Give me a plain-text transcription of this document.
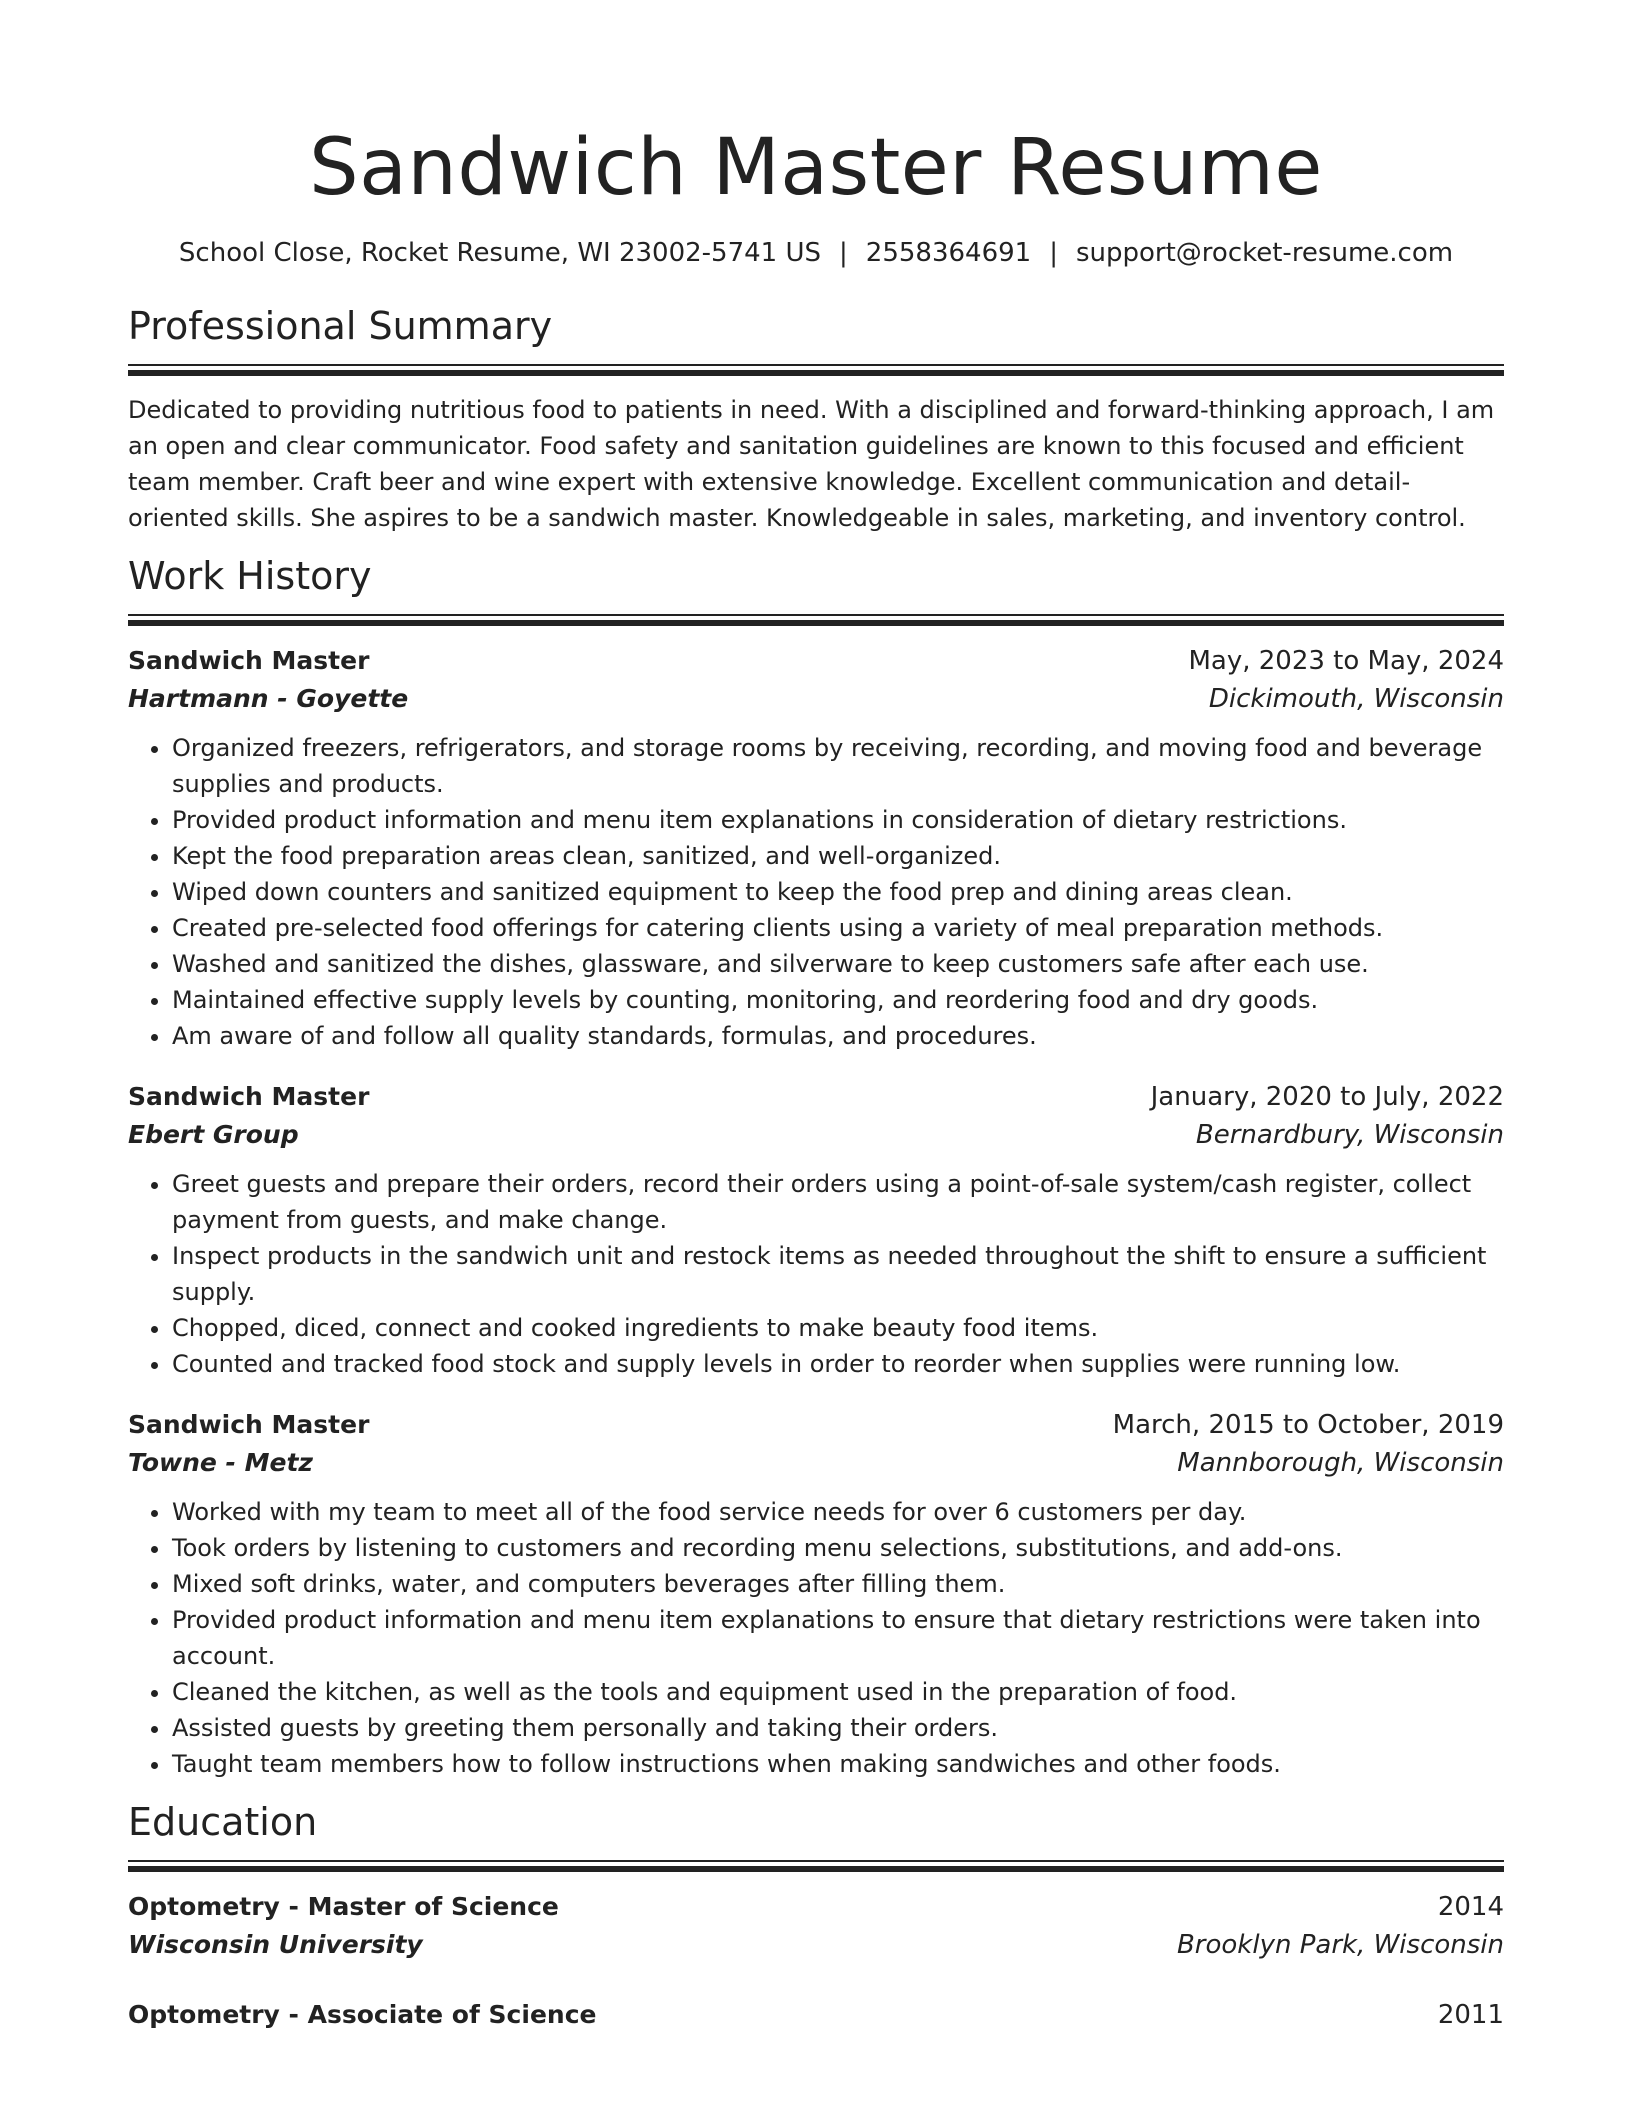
Sandwich Master Resume
School Close, Rocket Resume, WI 23002-5741 US | 2558364691 | support@rocket-resume.com
Professional Summary

Dedicated to providing nutritious food to patients in need. With a disciplined and forward-thinking approach, I am an open and clear communicator. Food safety and sanitation guidelines are known to this focused and efficient team member. Craft beer and wine expert with extensive knowledge. Excellent communication and detail-oriented skills. She aspires to be a sandwich master. Knowledgeable in sales, marketing, and inventory control.

Work History
Sandwich Master	May, 2023 to May, 2024
Hartmann - Goyette	Dickimouth, Wisconsin
• Organized freezers, refrigerators, and storage rooms by receiving, recording, and moving food and beverage supplies and products.
• Provided product information and menu item explanations in consideration of dietary restrictions.
• Kept the food preparation areas clean, sanitized, and well-organized.
• Wiped down counters and sanitized equipment to keep the food prep and dining areas clean.
• Created pre-selected food offerings for catering clients using a variety of meal preparation methods.
• Washed and sanitized the dishes, glassware, and silverware to keep customers safe after each use.
• Maintained effective supply levels by counting, monitoring, and reordering food and dry goods.
• Am aware of and follow all quality standards, formulas, and procedures.
Sandwich Master	January, 2020 to July, 2022
Ebert Group	Bernardbury, Wisconsin
• Greet guests and prepare their orders, record their orders using a point-of-sale system/cash register, collect payment from guests, and make change.
• Inspect products in the sandwich unit and restock items as needed throughout the shift to ensure a sufficient supply.
• Chopped, diced, connect and cooked ingredients to make beauty food items.
• Counted and tracked food stock and supply levels in order to reorder when supplies were running low.
Sandwich Master	March, 2015 to October, 2019
Towne - Metz	Mannborough, Wisconsin
• Worked with my team to meet all of the food service needs for over 6 customers per day.
• Took orders by listening to customers and recording menu selections, substitutions, and add-ons.
• Mixed soft drinks, water, and computers beverages after filling them.
• Provided product information and menu item explanations to ensure that dietary restrictions were taken into account.
• Cleaned the kitchen, as well as the tools and equipment used in the preparation of food.
• Assisted guests by greeting them personally and taking their orders.
• Taught team members how to follow instructions when making sandwiches and other foods.
Education
Optometry - Master of Science	2014
Wisconsin University	Brooklyn Park, Wisconsin
Optometry - Associate of Science	2011
